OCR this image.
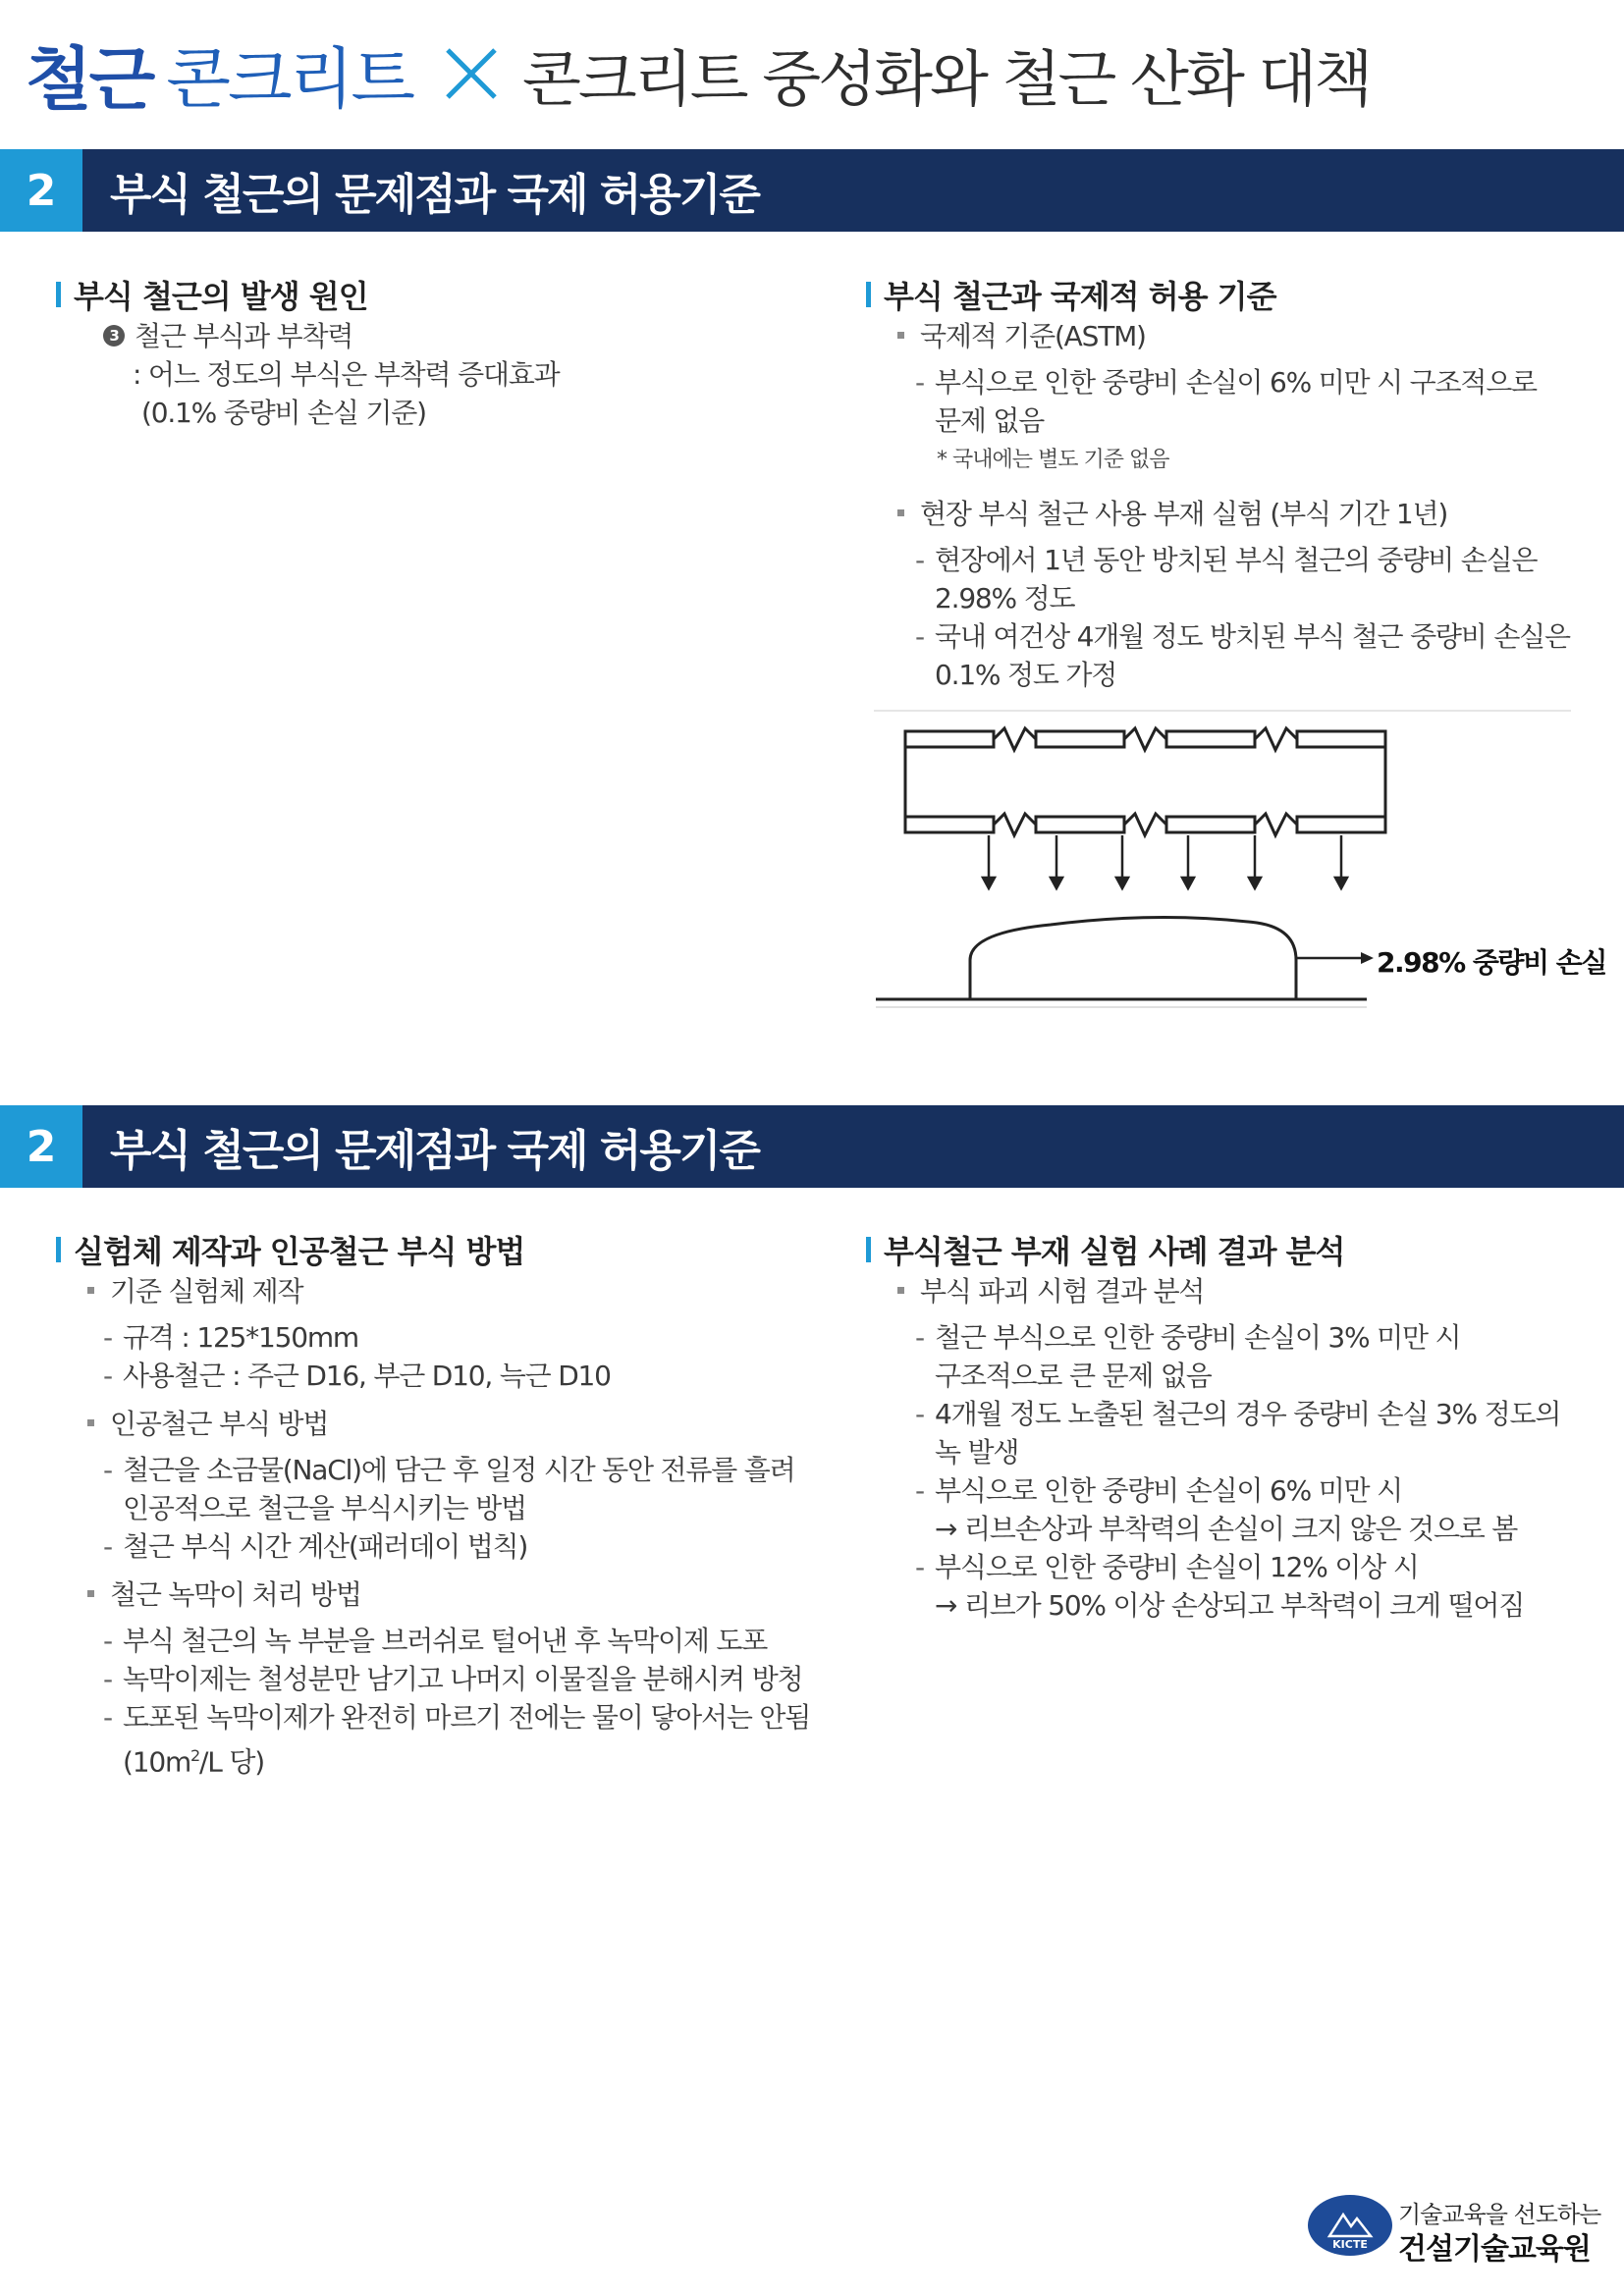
철근 콘크리트 콘크리트 중성화와 철근 산화 대책
2	부식 철근의 문제점과 국제 허용기준
부식 철근의 발생 원인
3 철근 부식과 부착력
: 어느 정도의 부식은 부착력 증대효과
(0.1% 중량비 손실 기준)
부식 철근과 국제적 허용 기준
국제적 기준(ASTM)
- 부식으로 인한 중량비 손실이 6% 미만 시 구조적으로
문제 없음
* 국내에는 별도 기준 없음
현장 부식 철근 사용 부재 실험 (부식 기간 1년)
- 현장에서 1년 동안 방치된 부식 철근의 중량비 손실은
2.98% 정도
- 국내 여건상 4개월 정도 방치된 부식 철근 중량비 손실은
0.1% 정도 가정
2.98% 중량비 손실
2	부식 철근의 문제점과 국제 허용기준
실험체 제작과 인공철근 부식 방법
기준 실험체 제작
- 규격 : 125*150mm
- 사용철근 : 주근 D16, 부근 D10, 늑근 D10
인공철근 부식 방법
- 철근을 소금물(NaCl)에 담근 후 일정 시간 동안 전류를 흘려
인공적으로 철근을 부식시키는 방법
- 철근 부식 시간 계산(패러데이 법칙)
철근 녹막이 처리 방법
- 부식 철근의 녹 부분을 브러쉬로 털어낸 후 녹막이제 도포
- 녹막이제는 철성분만 남기고 나머지 이물질을 분해시켜 방청
- 도포된 녹막이제가 완전히 마르기 전에는 물이 닿아서는 안됨
($10m^2/L$ 당)
부식철근 부재 실험 사례 결과 분석
부식 파괴 시험 결과 분석
- 철근 부식으로 인한 중량비 손실이 3% 미만 시
구조적으로 큰 문제 없음
- 4개월 정도 노출된 철근의 경우 중량비 손실 3% 정도의
녹 발생
- 부식으로 인한 중량비 손실이 6% 미만 시
→ 리브손상과 부착력의 손실이 크지 않은 것으로 봄
- 부식으로 인한 중량비 손실이 12% 이상 시
→ 리브가 50% 이상 손상되고 부착력이 크게 떨어짐
KICTE
기술교육을 선도하는
건설기술교육원
